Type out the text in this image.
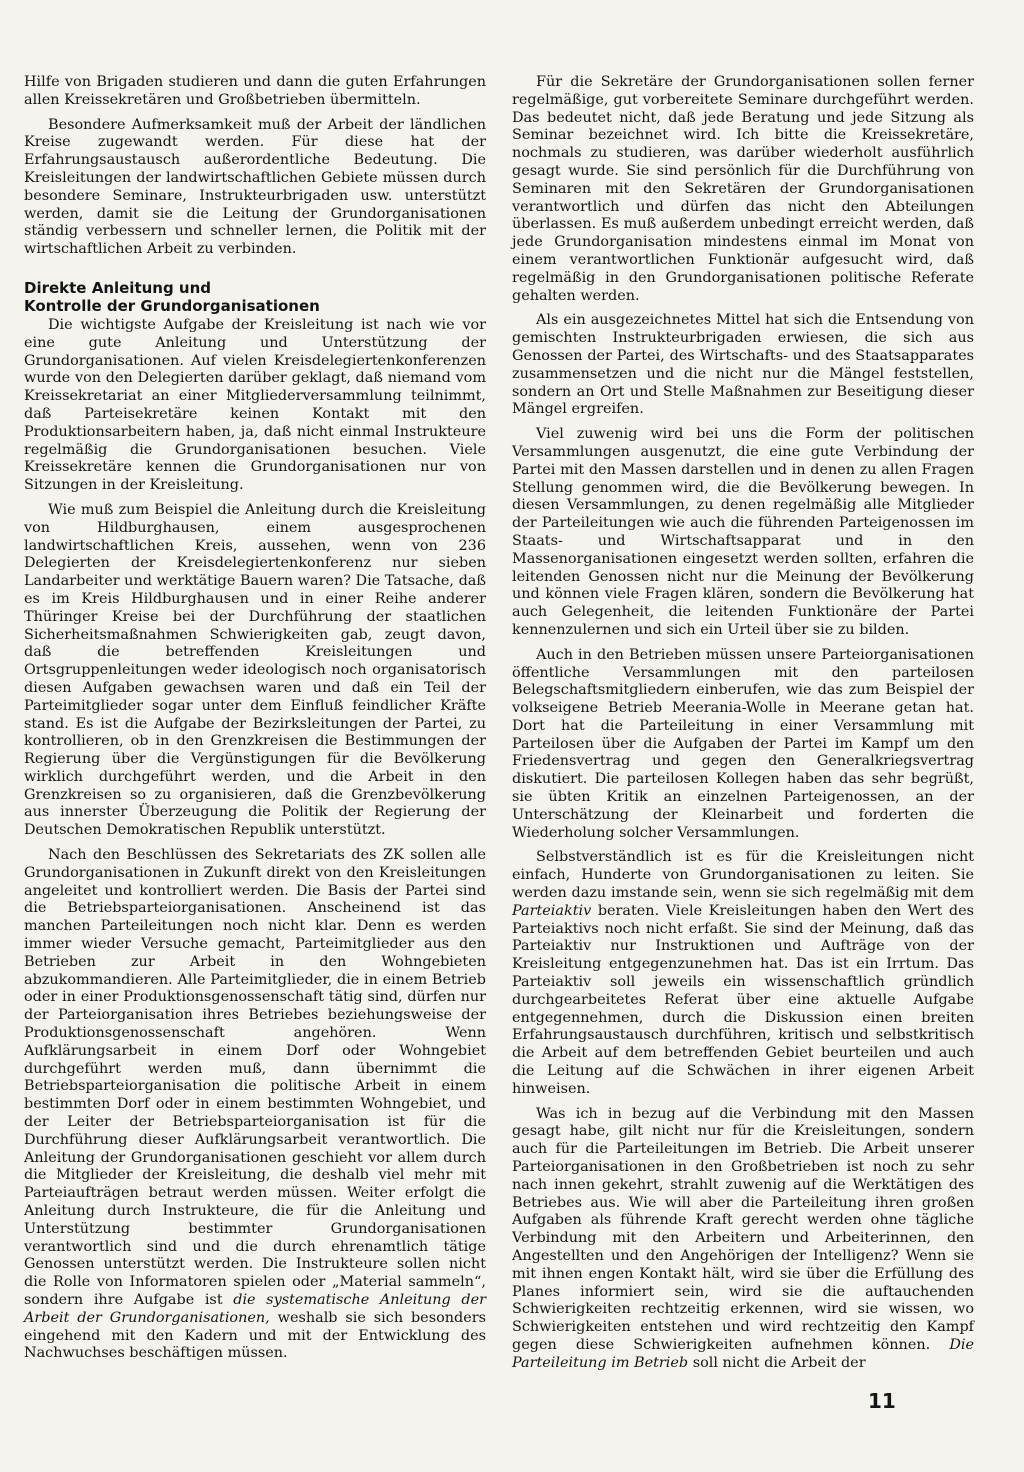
Hilfe von Brigaden studieren und dann die guten Erfahrungen allen Kreissekretären und Großbetrieben übermitteln.

Besondere Aufmerksamkeit muß der Arbeit der ländlichen Kreise zugewandt werden. Für diese hat der Erfahrungsaustausch außerordentliche Bedeutung. Die Kreisleitungen der landwirtschaftlichen Gebiete müssen durch besondere Seminare, Instrukteurbrigaden usw. unterstützt werden, damit sie die Leitung der Grundorganisationen ständig verbessern und schneller lernen, die Politik mit der wirtschaftlichen Arbeit zu verbinden.

Direkte Anleitung und
Kontrolle der Grundorganisationen

Die wichtigste Aufgabe der Kreisleitung ist nach wie vor eine gute Anleitung und Unterstützung der Grundorganisationen. Auf vielen Kreisdelegiertenkonferenzen wurde von den Delegierten darüber geklagt, daß niemand vom Kreissekretariat an einer Mitgliederversammlung teilnimmt, daß Parteisekretäre keinen Kontakt mit den Produktionsarbeitern haben, ja, daß nicht einmal Instrukteure regelmäßig die Grundorganisationen besuchen. Viele Kreissekretäre kennen die Grundorganisationen nur von Sitzungen in der Kreisleitung.

Wie muß zum Beispiel die Anleitung durch die Kreisleitung von Hildburghausen, einem ausgesprochenen landwirtschaftlichen Kreis, aussehen, wenn von 236 Delegierten der Kreisdelegiertenkonferenz nur sieben Landarbeiter und werktätige Bauern waren? Die Tatsache, daß es im Kreis Hildburghausen und in einer Reihe anderer Thüringer Kreise bei der Durchführung der staatlichen Sicherheitsmaßnahmen Schwierigkeiten gab, zeugt davon, daß die betreffenden Kreisleitungen und Ortsgruppenleitungen weder ideologisch noch organisatorisch diesen Aufgaben gewachsen waren und daß ein Teil der Parteimitglieder sogar unter dem Einfluß feindlicher Kräfte stand. Es ist die Aufgabe der Bezirksleitungen der Partei, zu kontrollieren, ob in den Grenzkreisen die Bestimmungen der Regierung über die Vergünstigungen für die Bevölkerung wirklich durchgeführt werden, und die Arbeit in den Grenzkreisen so zu organisieren, daß die Grenzbevölkerung aus innerster Überzeugung die Politik der Regierung der Deutschen Demokratischen Republik unterstützt.

Nach den Beschlüssen des Sekretariats des ZK sollen alle Grundorganisationen in Zukunft direkt von den Kreisleitungen angeleitet und kontrolliert werden. Die Basis der Partei sind die Betriebsparteiorganisationen. Anscheinend ist das manchen Parteileitungen noch nicht klar. Denn es werden immer wieder Versuche gemacht, Parteimitglieder aus den Betrieben zur Arbeit in den Wohngebieten abzukommandieren. Alle Parteimitglieder, die in einem Betrieb oder in einer Produktionsgenossenschaft tätig sind, dürfen nur der Parteiorganisation ihres Betriebes beziehungsweise der Produktionsgenossenschaft angehören. Wenn Aufklärungsarbeit in einem Dorf oder Wohngebiet durchgeführt werden muß, dann übernimmt die Betriebsparteiorganisation die politische Arbeit in einem bestimmten Dorf oder in einem bestimmten Wohngebiet, und der Leiter der Betriebsparteiorganisation ist für die Durchführung dieser Aufklärungsarbeit verantwortlich. Die Anleitung der Grundorganisationen geschieht vor allem durch die Mitglieder der Kreisleitung, die deshalb viel mehr mit Parteiaufträgen betraut werden müssen. Weiter erfolgt die Anleitung durch Instrukteure, die für die Anleitung und Unterstützung bestimmter Grundorganisationen verantwortlich sind und die durch ehrenamtlich tätige Genossen unterstützt werden. Die Instrukteure sollen nicht die Rolle von Informatoren spielen oder „Material sammeln“, sondern ihre Aufgabe ist die systematische Anleitung der Arbeit der Grundorganisationen, weshalb sie sich besonders eingehend mit den Kadern und mit der Entwicklung des Nachwuchses beschäftigen müssen.

Für die Sekretäre der Grundorganisationen sollen ferner regelmäßige, gut vorbereitete Seminare durchgeführt werden. Das bedeutet nicht, daß jede Beratung und jede Sitzung als Seminar bezeichnet wird. Ich bitte die Kreissekretäre, nochmals zu studieren, was darüber wiederholt ausführlich gesagt wurde. Sie sind persönlich für die Durchführung von Seminaren mit den Sekretären der Grundorganisationen verantwortlich und dürfen das nicht den Abteilungen überlassen. Es muß außerdem unbedingt erreicht werden, daß jede Grundorganisation mindestens einmal im Monat von einem verantwortlichen Funktionär aufgesucht wird, daß regelmäßig in den Grundorganisationen politische Referate gehalten werden.

Als ein ausgezeichnetes Mittel hat sich die Entsendung von gemischten Instrukteurbrigaden erwiesen, die sich aus Genossen der Partei, des Wirtschafts- und des Staatsapparates zusammensetzen und die nicht nur die Mängel feststellen, sondern an Ort und Stelle Maßnahmen zur Beseitigung dieser Mängel ergreifen.

Viel zuwenig wird bei uns die Form der politischen Versammlungen ausgenutzt, die eine gute Verbindung der Partei mit den Massen darstellen und in denen zu allen Fragen Stellung genommen wird, die die Bevölkerung bewegen. In diesen Versammlungen, zu denen regelmäßig alle Mitglieder der Parteileitungen wie auch die führenden Parteigenossen im Staats- und Wirtschaftsapparat und in den Massenorganisationen eingesetzt werden sollten, erfahren die leitenden Genossen nicht nur die Meinung der Bevölkerung und können viele Fragen klären, sondern die Bevölkerung hat auch Gelegenheit, die leitenden Funktionäre der Partei kennenzulernen und sich ein Urteil über sie zu bilden.

Auch in den Betrieben müssen unsere Parteiorganisationen öffentliche Versammlungen mit den parteilosen Belegschaftsmitgliedern einberufen, wie das zum Beispiel der volkseigene Betrieb Meerania-Wolle in Meerane getan hat. Dort hat die Parteileitung in einer Versammlung mit Parteilosen über die Aufgaben der Partei im Kampf um den Friedensvertrag und gegen den Generalkriegsvertrag diskutiert. Die parteilosen Kollegen haben das sehr begrüßt, sie übten Kritik an einzelnen Parteigenossen, an der Unterschätzung der Kleinarbeit und forderten die Wiederholung solcher Versammlungen.

Selbstverständlich ist es für die Kreisleitungen nicht einfach, Hunderte von Grundorganisationen zu leiten. Sie werden dazu imstande sein, wenn sie sich regelmäßig mit dem Parteiaktiv beraten. Viele Kreisleitungen haben den Wert des Parteiaktivs noch nicht erfaßt. Sie sind der Meinung, daß das Parteiaktiv nur Instruktionen und Aufträge von der Kreisleitung entgegenzunehmen hat. Das ist ein Irrtum. Das Parteiaktiv soll jeweils ein wissenschaftlich gründlich durchgearbeitetes Referat über eine aktuelle Aufgabe entgegennehmen, durch die Diskussion einen breiten Erfahrungsaustausch durchführen, kritisch und selbstkritisch die Arbeit auf dem betreffenden Gebiet beurteilen und auch die Leitung auf die Schwächen in ihrer eigenen Arbeit hinweisen.

Was ich in bezug auf die Verbindung mit den Massen gesagt habe, gilt nicht nur für die Kreisleitungen, sondern auch für die Parteileitungen im Betrieb. Die Arbeit unserer Parteiorganisationen in den Großbetrieben ist noch zu sehr nach innen gekehrt, strahlt zuwenig auf die Werktätigen des Betriebes aus. Wie will aber die Parteileitung ihren großen Aufgaben als führende Kraft gerecht werden ohne tägliche Verbindung mit den Arbeitern und Arbeiterinnen, den Angestellten und den Angehörigen der Intelligenz? Wenn sie mit ihnen engen Kontakt hält, wird sie über die Erfüllung des Planes informiert sein, wird sie die auftauchenden Schwierigkeiten rechtzeitig erkennen, wird sie wissen, wo Schwierigkeiten entstehen und wird rechtzeitig den Kampf gegen diese Schwierigkeiten aufnehmen können. Die Parteileitung im Betrieb soll nicht die Arbeit der

11
